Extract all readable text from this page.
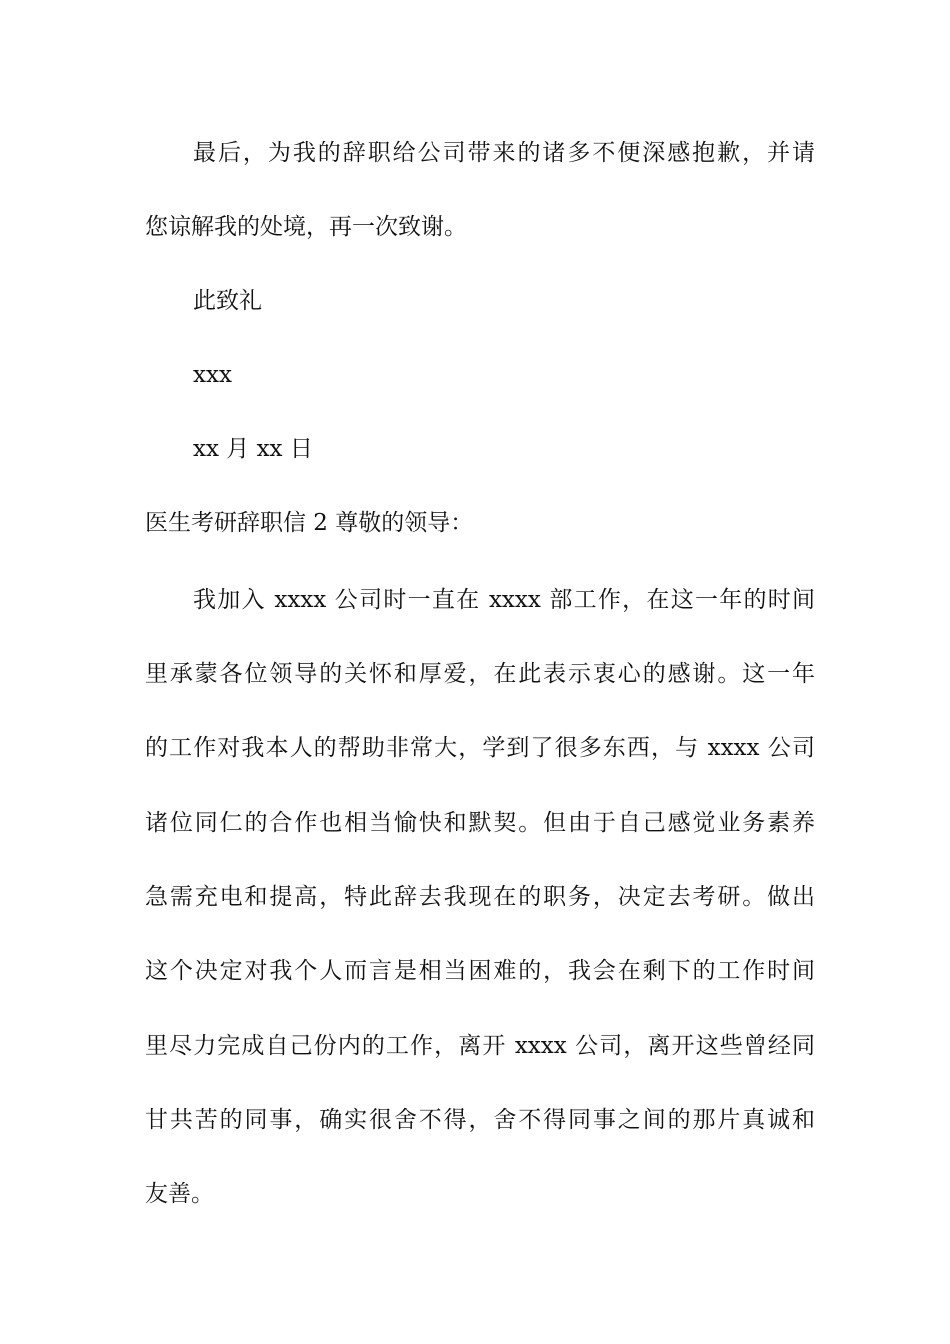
最后，为我的辞职给公司带来的诸多不便深感抱歉，并请
您谅解我的处境，再一次致谢。
此致礼
xxx
xx 月 xx 日
医生考研辞职信 2 尊敬的领导：
我加入 xxxx 公司时一直在 xxxx 部工作，在这一年的时间
里承蒙各位领导的关怀和厚爱，在此表示衷心的感谢。这一年
的工作对我本人的帮助非常大，学到了很多东西，与 xxxx 公司
诸位同仁的合作也相当愉快和默契。但由于自己感觉业务素养
急需充电和提高，特此辞去我现在的职务，决定去考研。做出
这个决定对我个人而言是相当困难的，我会在剩下的工作时间
里尽力完成自己份内的工作，离开 xxxx 公司，离开这些曾经同
甘共苦的同事，确实很舍不得，舍不得同事之间的那片真诚和
友善。
